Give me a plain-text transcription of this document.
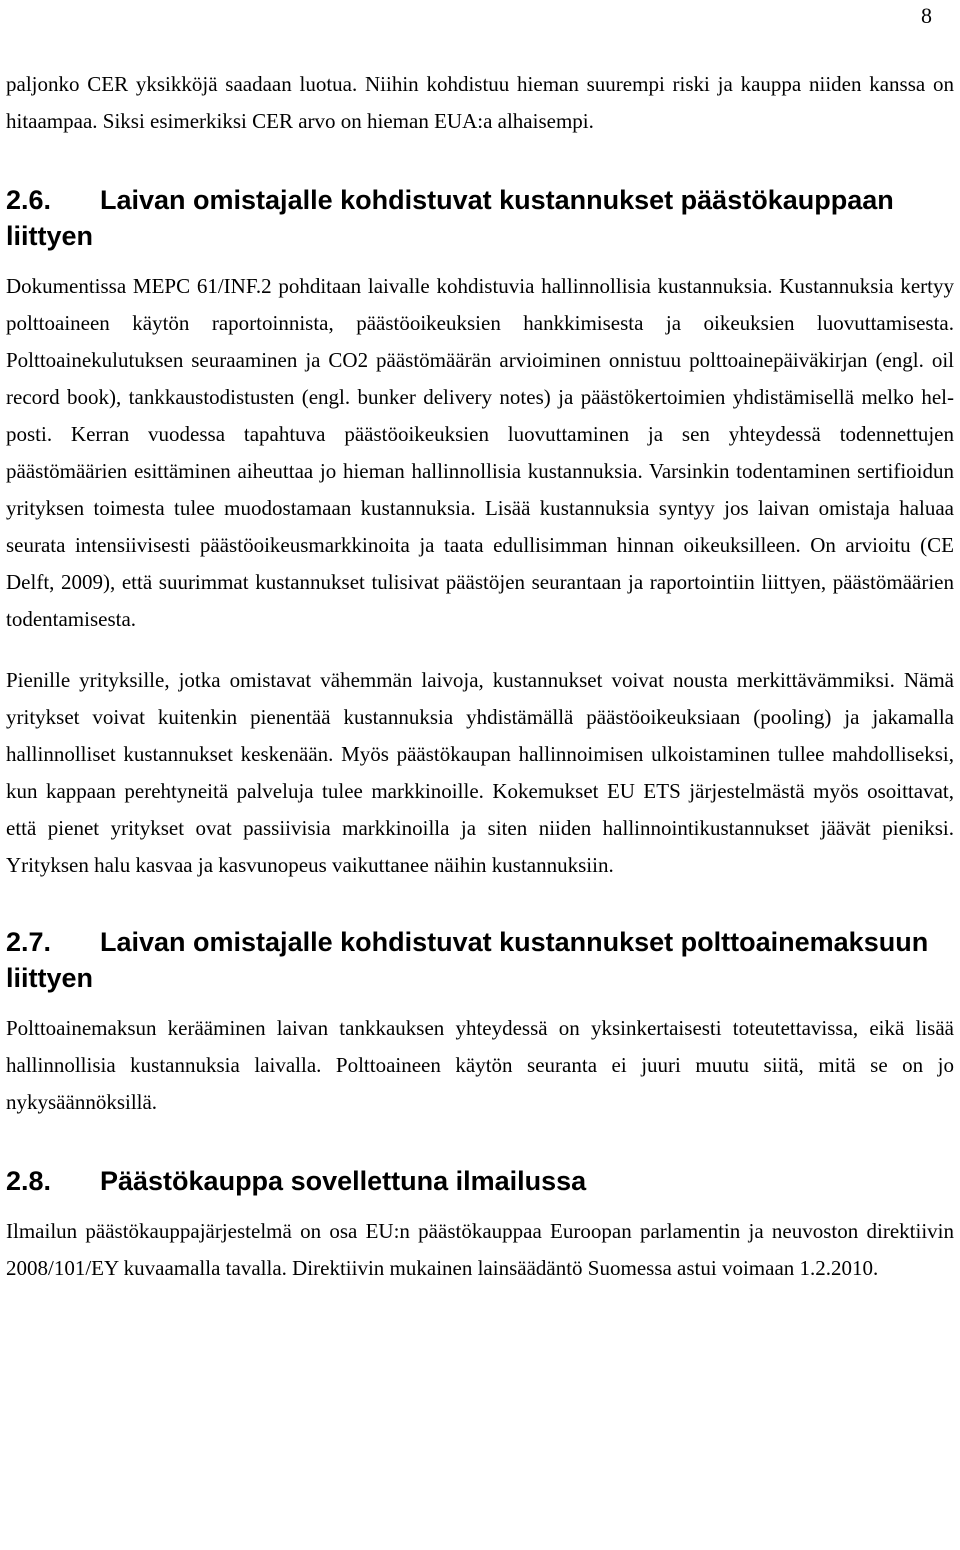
8

paljonko CER yksikköjä saadaan luotua. Niihin kohdistuu hieman suurempi riski ja kauppa niiden kanssa on hitaampaa. Siksi esimerkiksi CER arvo on hieman EUA:a alhaisempi.

2.6. Laivan omistajalle kohdistuvat kustannukset päästökauppaan liittyen

Dokumentissa MEPC 61/INF.2 pohditaan laivalle kohdistuvia hallinnollisia kustannuksia. Kustannuksia kertyy polttoaineen käytön raportoinnista, päästöoikeuksien hankkimisesta ja oikeuksien luovuttamisesta. Polttoainekulutuksen seuraaminen ja CO2 päästömäärän arvioiminen onnistuu polttoainepäiväkirjan (engl. oil record book), tankkaustodistusten (engl. bunker delivery notes) ja päästökertoimien yhdistämisellä melko helposti. Kerran vuodessa tapahtuva päästöoikeuksien luovuttaminen ja sen yhteydessä todennettujen päästömäärien esittäminen aiheuttaa jo hieman hallinnollisia kustannuksia. Varsinkin todentaminen sertifioidun yrityksen toimesta tulee muodostamaan kustannuksia. Lisää kustannuksia syntyy jos laivan omistaja haluaa seurata intensiivisesti päästöoikeusmarkkinoita ja taata edullisimman hinnan oikeuksilleen. On arvioitu (CE Delft, 2009), että suurimmat kustannukset tulisivat päästöjen seurantaan ja raportointiin liittyen, päästömäärien todentamisesta.

Pienille yrityksille, jotka omistavat vähemmän laivoja, kustannukset voivat nousta merkittävämmiksi. Nämä yritykset voivat kuitenkin pienentää kustannuksia yhdistämällä päästöoikeuksiaan (pooling) ja jakamalla hallinnolliset kustannukset keskenään. Myös päästökaupan hallinnoimisen ulkoistaminen tullee mahdolliseksi, kun kappaan perehtyneitä palveluja tulee markkinoille. Kokemukset EU ETS järjestelmästä myös osoittavat, että pienet yritykset ovat passiivisia markkinoilla ja siten niiden hallinnointikustannukset jäävät pieniksi. Yrityksen halu kasvaa ja kasvunopeus vaikuttanee näihin kustannuksiin.

2.7. Laivan omistajalle kohdistuvat kustannukset polttoainemaksuun liittyen

Polttoainemaksun kerääminen laivan tankkauksen yhteydessä on yksinkertaisesti toteutettavissa, eikä lisää hallinnollisia kustannuksia laivalla. Polttoaineen käytön seuranta ei juuri muutu siitä, mitä se on jo nykysäännöksillä.

2.8. Päästökauppa sovellettuna ilmailussa

Ilmailun päästökauppajärjestelmä on osa EU:n päästökauppaa Euroopan parlamentin ja neuvoston direktiivin 2008/101/EY kuvaamalla tavalla. Direktiivin mukainen lainsäädäntö Suomessa astui voimaan 1.2.2010.
